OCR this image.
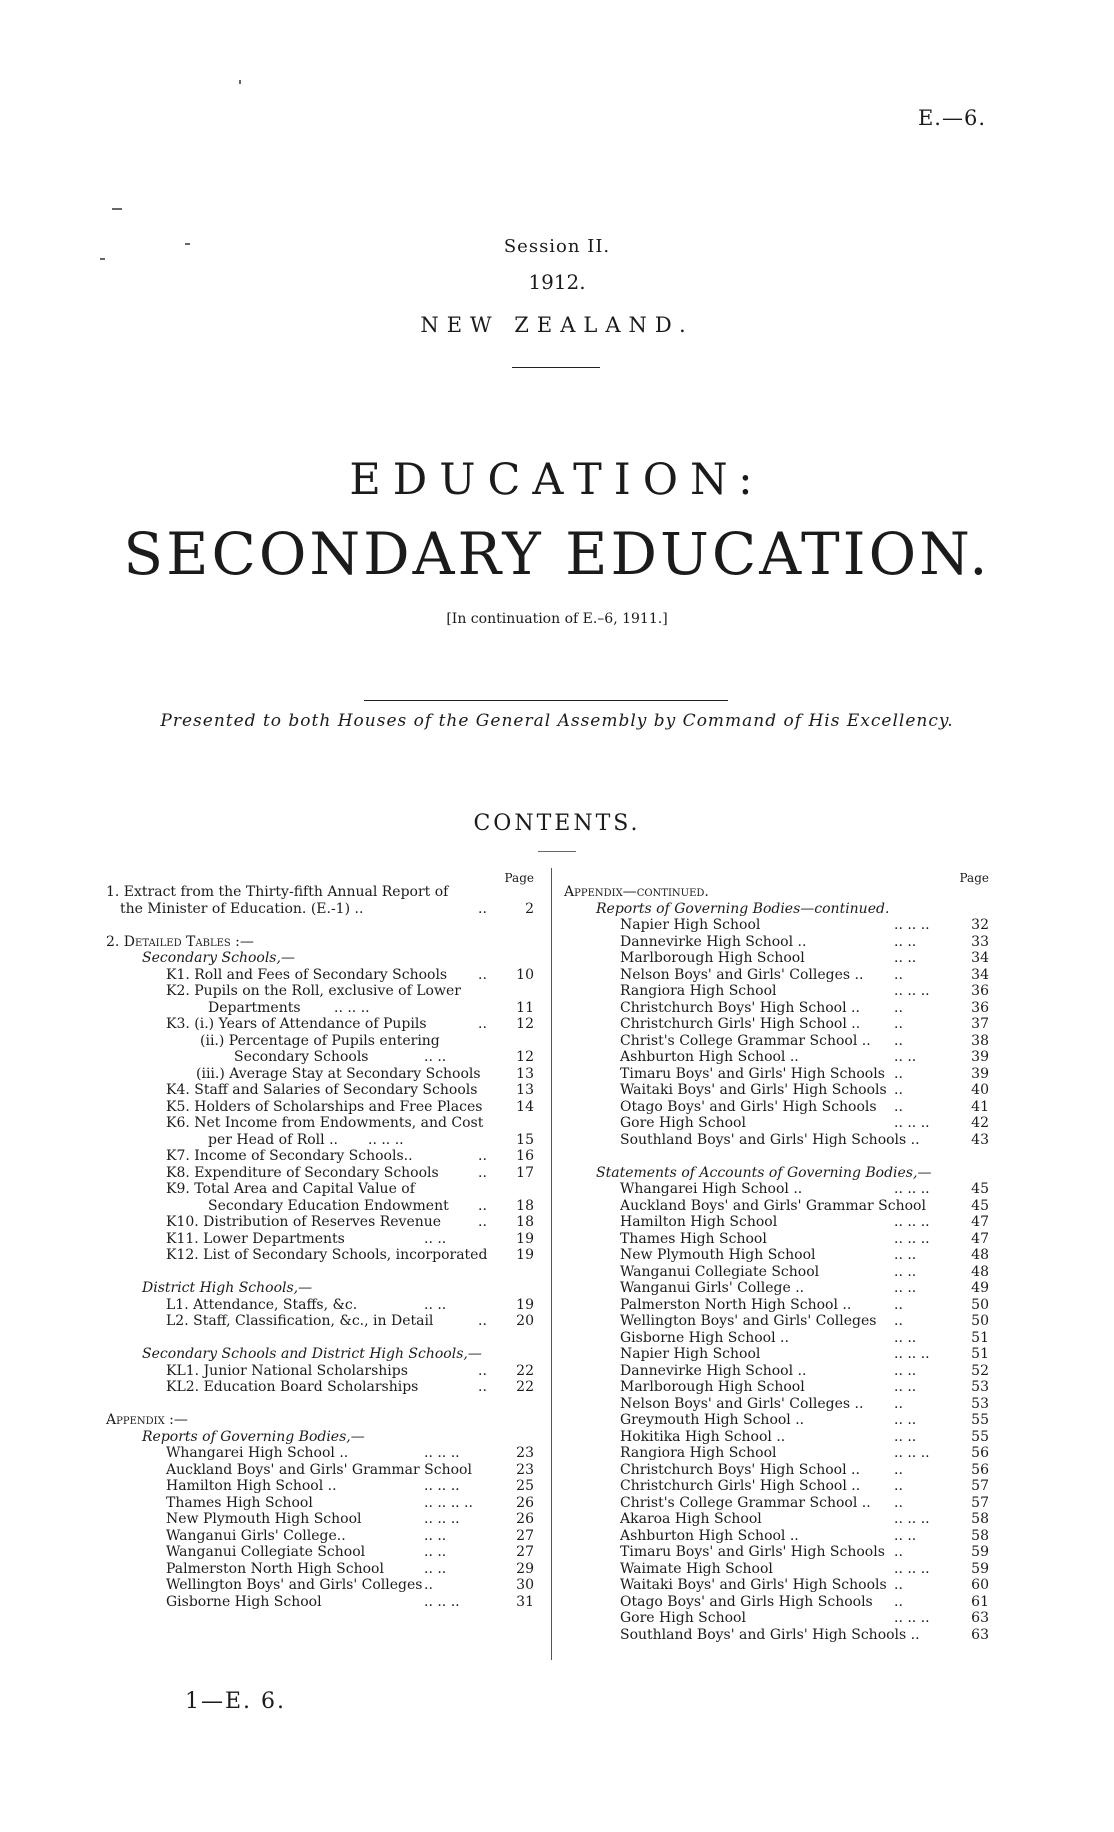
E.—6.
Session II.
1912.
NEW ZEALAND.
EDUCATION:
SECONDARY EDUCATION.
[In continuation of E.–6, 1911.]
Presented to both Houses of the General Assembly by Command of His Excellency.
CONTENTS.
Page
1. Extract from the Thirty-fifth Annual Report of
the Minister of Education. (E.-1) ..	..	2
2. Detailed Tables :—
Secondary Schools,—
K1. Roll and Fees of Secondary Schools .. 10
K2. Pupils on the Roll, exclusive of Lower
Departments .. .. ..	11
K3. (i.) Years of Attendance of Pupils	.. 12
(ii.) Percentage of Pupils entering
Secondary Schools	.. ..	12
(iii.) Average Stay at Secondary Schools	13
K4. Staff and Salaries of Secondary Schools	13
K5. Holders of Scholarships and Free Places 14
K6. Net Income from Endowments, and Cost
per Head of Roll .. .. .. ..	15
K7. Income of Secondary Schools..	.. 16
K8. Expenditure of Secondary Schools	.. 17
K9. Total Area and Capital Value of
Secondary Education Endowment .. 18
K10. Distribution of Reserves Revenue	.. 18
K11. Lower Departments	.. ..	19
K12. List of Secondary Schools, incorporated 19
District High Schools,—
L1. Attendance, Staffs, &c.	.. ..	19
L2. Staff, Classification, &c., in Detail	.. 20
Secondary Schools and District High Schools,—
KL1. Junior National Scholarships	.. 22
KL2. Education Board Scholarships	.. 22
Appendix :—
Reports of Governing Bodies,—
Whangarei High School ..	.. .. ..	23
Auckland Boys' and Girls' Grammar School	23
Hamilton High School ..	.. .. ..	25
Thames High School	.. .. .. ..	26
New Plymouth High School	.. .. ..	26
Wanganui Girls' College..	.. ..	27
Wanganui Collegiate School	.. ..	27
Palmerston North High School	.. ..	29
Wellington Boys' and Girls' Colleges ..	30
Gisborne High School	.. .. ..	31
Page
Appendix—continued.
Reports of Governing Bodies—continued.
Napier High School	.. .. ..	32
Dannevirke High School ..	.. ..	33
Marlborough High School	.. ..	34
Nelson Boys' and Girls' Colleges .. ..	34
Rangiora High School	.. .. ..	36
Christchurch Boys' High School .. ..	36
Christchurch Girls' High School .. ..	37
Christ's College Grammar School .. ..	38
Ashburton High School ..	.. ..	39
Timaru Boys' and Girls' High Schools ..	39
Waitaki Boys' and Girls' High Schools ..	40
Otago Boys' and Girls' High Schools ..	41
Gore High School	.. .. ..	42
Southland Boys' and Girls' High Schools ..	43
Statements of Accounts of Governing Bodies,—
Whangarei High School ..	.. .. ..	45
Auckland Boys' and Girls' Grammar School	45
Hamilton High School	.. .. ..	47
Thames High School	.. .. ..	47
New Plymouth High School	.. ..	48
Wanganui Collegiate School	.. ..	48
Wanganui Girls' College ..	.. ..	49
Palmerston North High School ..	..	50
Wellington Boys' and Girls' Colleges ..	50
Gisborne High School ..	.. ..	51
Napier High School	.. .. ..	51
Dannevirke High School ..	.. ..	52
Marlborough High School	.. ..	53
Nelson Boys' and Girls' Colleges .. ..	53
Greymouth High School ..	.. ..	55
Hokitika High School ..	.. ..	55
Rangiora High School	.. .. ..	56
Christchurch Boys' High School .. ..	56
Christchurch Girls' High School .. ..	57
Christ's College Grammar School .. ..	57
Akaroa High School	.. .. ..	58
Ashburton High School ..	.. ..	58
Timaru Boys' and Girls' High Schools ..	59
Waimate High School	.. .. ..	59
Waitaki Boys' and Girls' High Schools ..	60
Otago Boys' and Girls High Schools ..	61
Gore High School	.. .. ..	63
Southland Boys' and Girls' High Schools ..	63
1—E. 6.
